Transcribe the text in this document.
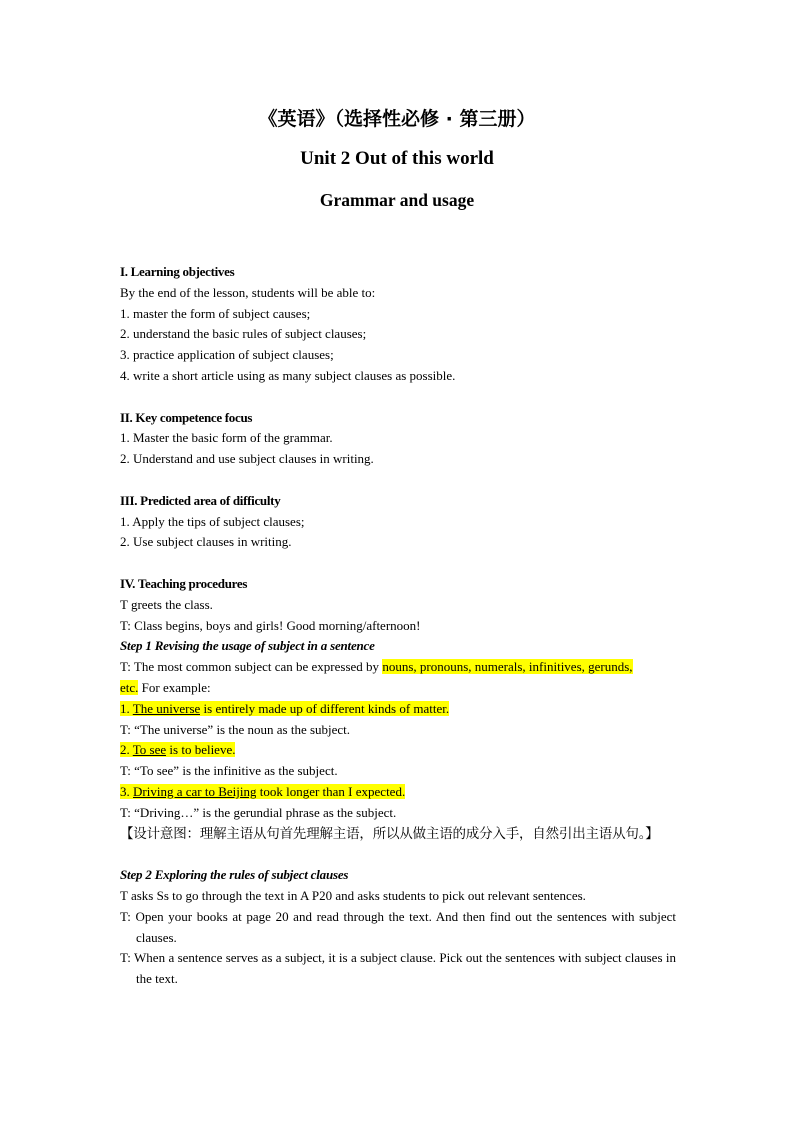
《英语》（选择性必修 · 第三册）
Unit 2 Out of this world
Grammar and usage
I. Learning objectives
By the end of the lesson, students will be able to:
1. master the form of subject causes;
2. understand the basic rules of subject clauses;
3. practice application of subject clauses;
4. write a short article using as many subject clauses as possible.
II. Key competence focus
1. Master the basic form of the grammar.
2. Understand and use subject clauses in writing.
III. Predicted area of difficulty
1. Apply the tips of subject clauses;
2. Use subject clauses in writing.
IV. Teaching procedures
T greets the class.
T: Class begins, boys and girls! Good morning/afternoon!
Step 1 Revising the usage of subject in a sentence
T: The most common subject can be expressed by nouns, pronouns, numerals, infinitives, gerunds,
etc. For example:
1. The universe is entirely made up of different kinds of matter.
T: “The universe” is the noun as the subject.
2. To see is to believe.
T: “To see” is the infinitive as the subject.
3. Driving a car to Beijing took longer than I expected.
T: “Driving…” is the gerundial phrase as the subject.
【设计意图：理解主语从句首先理解主语，所以从做主语的成分入手，自然引出主语从句。】
Step 2 Exploring the rules of subject clauses
T asks Ss to go through the text in A P20 and asks students to pick out relevant sentences.
T: Open your books at page 20 and read through the text. And then find out the sentences with subject clauses.
T: When a sentence serves as a subject, it is a subject clause. Pick out the sentences with subject clauses in the text.
